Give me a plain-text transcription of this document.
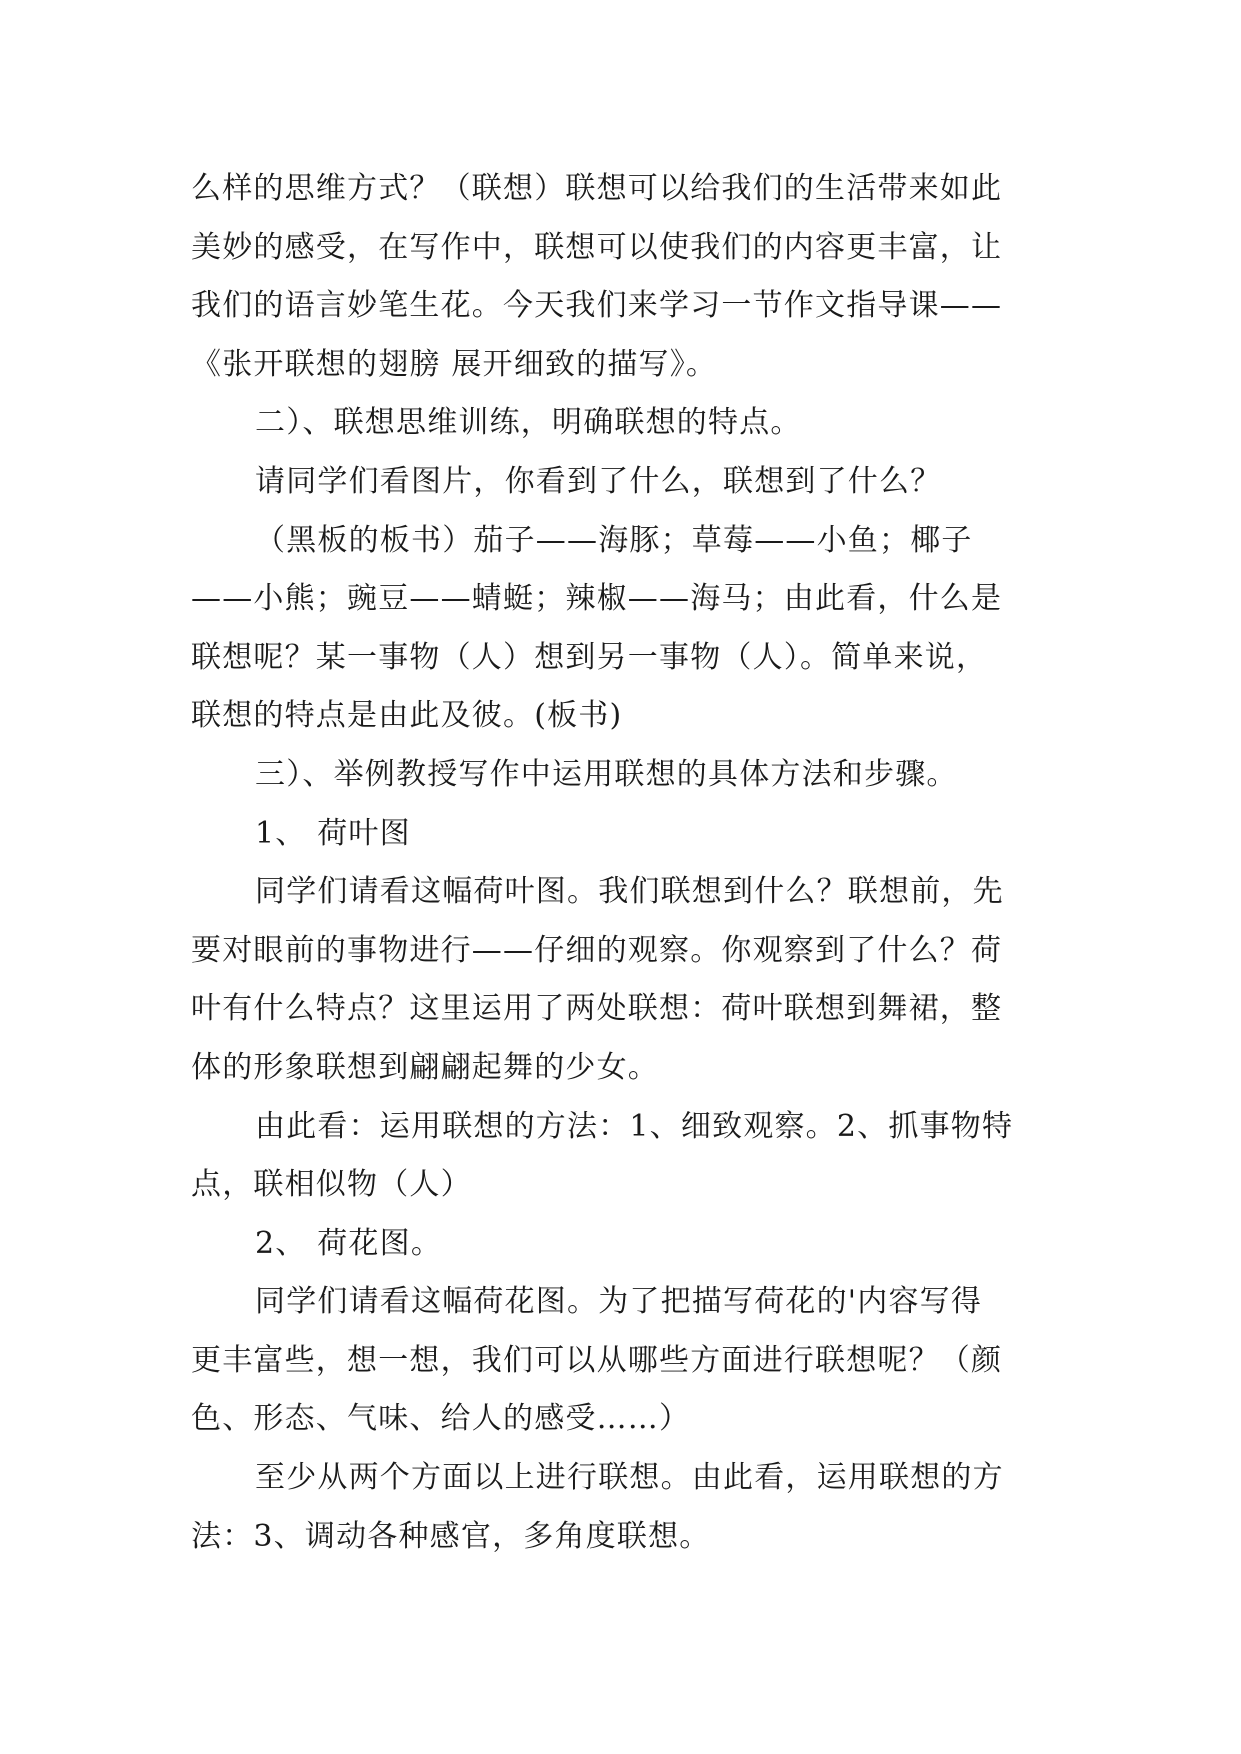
么样的思维方式？（联想）联想可以给我们的生活带来如此
美妙的感受，在写作中，联想可以使我们的内容更丰富，让
我们的语言妙笔生花。今天我们来学习一节作文指导课——
《张开联想的翅膀 展开细致的描写》。
二）、联想思维训练，明确联想的特点。
请同学们看图片，你看到了什么，联想到了什么？
（黑板的板书）茄子——海豚；草莓——小鱼；椰子
——小熊；豌豆——蜻蜓；辣椒——海马；由此看，什么是
联想呢？某一事物（人）想到另一事物（人）。简单来说，
联想的特点是由此及彼。(板书)
三）、举例教授写作中运用联想的具体方法和步骤。
1、 荷叶图
同学们请看这幅荷叶图。我们联想到什么？联想前，先
要对眼前的事物进行——仔细的观察。你观察到了什么？荷
叶有什么特点？这里运用了两处联想：荷叶联想到舞裙，整
体的形象联想到翩翩起舞的少女。
由此看：运用联想的方法：1、细致观察。2、抓事物特
点，联相似物（人）
2、 荷花图。
同学们请看这幅荷花图。为了把描写荷花的'内容写得
更丰富些，想一想，我们可以从哪些方面进行联想呢？（颜
色、形态、气味、给人的感受……）
至少从两个方面以上进行联想。由此看，运用联想的方
法：3、调动各种感官，多角度联想。
